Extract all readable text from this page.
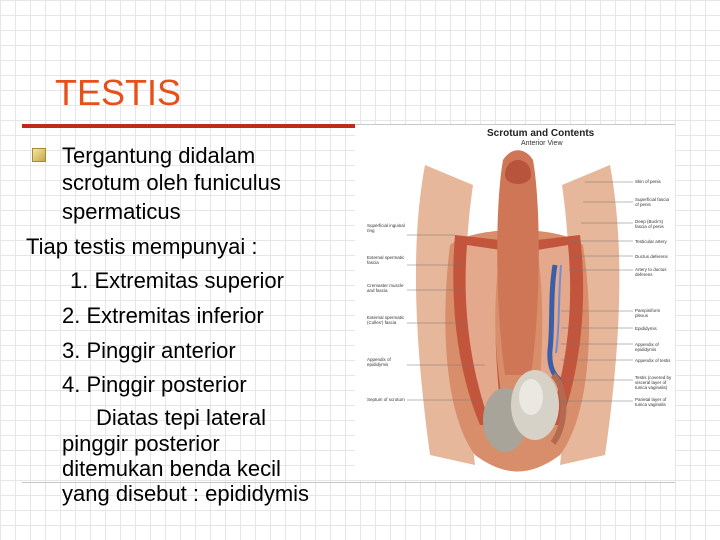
TESTIS
Tergantung didalam
scrotum oleh funiculus
spermaticus
Tiap testis mempunyai :
1. Extremitas superior
2. Extremitas inferior
3. Pinggir anterior
4. Pinggir posterior
Diatas tepi lateral
pinggir posterior
ditemukan benda kecil
yang disebut : epididymis
Scrotum and Contents
Anterior View
Superficial inguinal ring
External spermatic fascia
Cremaster muscle and fascia
External spermatic (Colles') fascia
Appendix of epididymis
Septum of scrotum
Skin of penis
Superficial fascia of penis
Deep (Buck's) fascia of penis
Testicular artery
Ductus deferens
Artery to ductus deferens
Pampiniform plexus
Epididymis
Appendix of epididymis
Appendix of testis
Testis (covered by visceral layer of tunica vaginalis)
Parietal layer of tunica vaginalis
